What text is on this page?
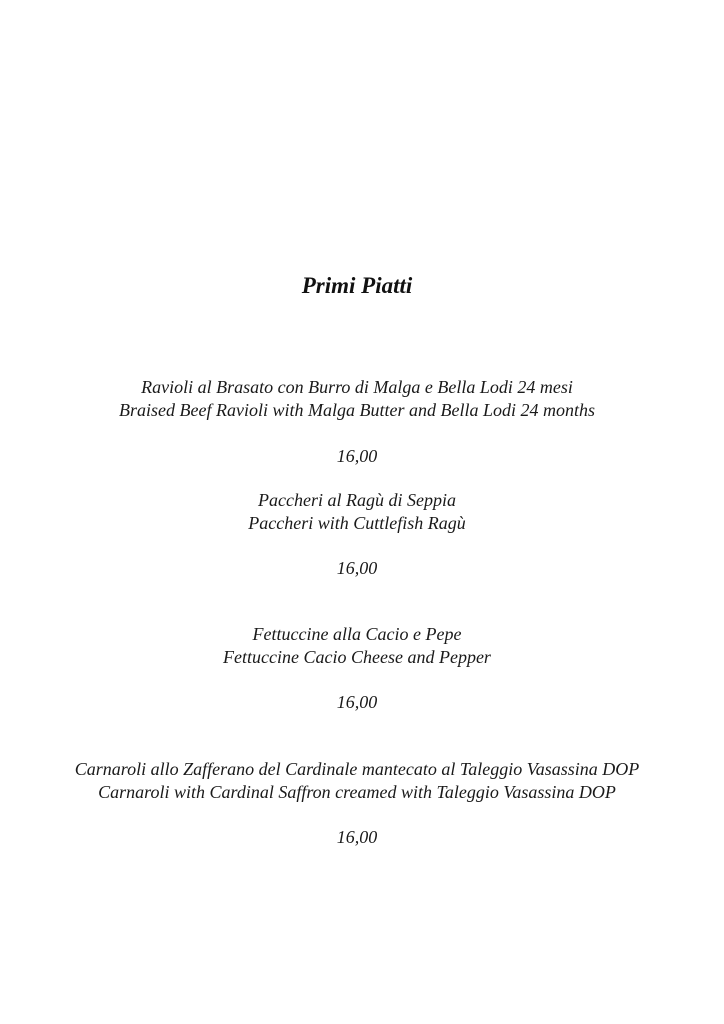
Primi Piatti
Ravioli al Brasato con Burro di Malga e Bella Lodi 24 mesi
Braised Beef Ravioli with Malga Butter and Bella Lodi 24 months
16,00
Paccheri al Ragù di Seppia
Paccheri with Cuttlefish Ragù
16,00
Fettuccine alla Cacio e Pepe
Fettuccine Cacio Cheese and Pepper
16,00
Carnaroli allo Zafferano del Cardinale mantecato al Taleggio Vasassina DOP
Carnaroli with Cardinal Saffron creamed with Taleggio Vasassina DOP
16,00
